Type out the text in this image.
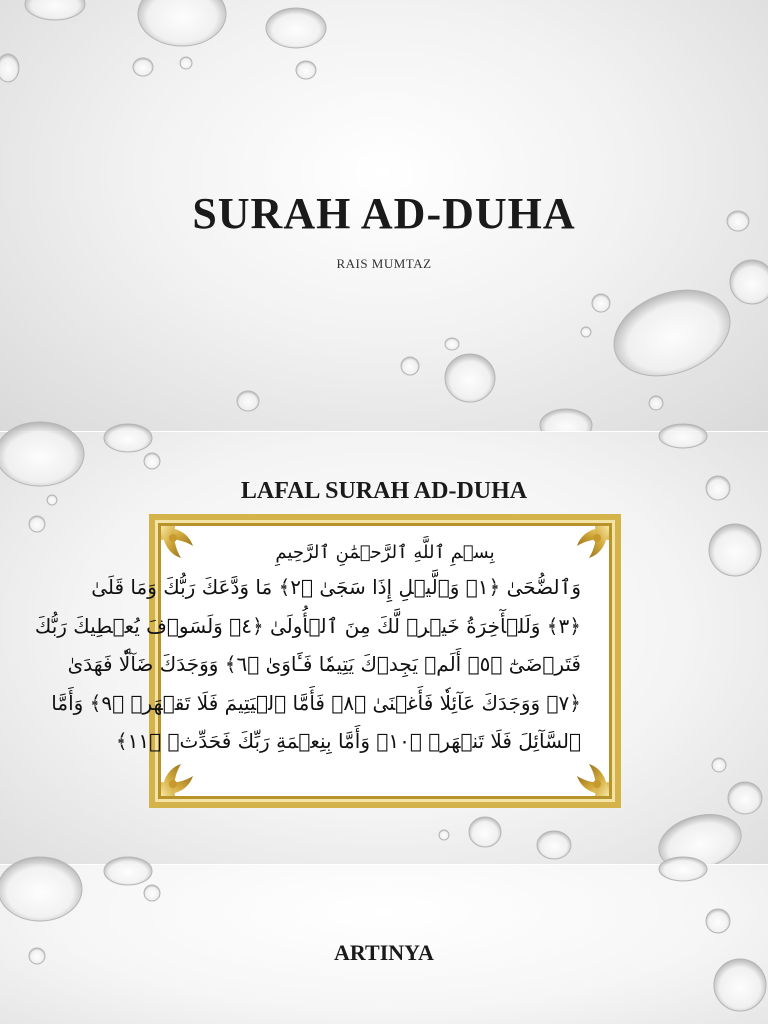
SURAH AD-DUHA
RAIS MUMTAZ
LAFAL SURAH AD-DUHA
بِسۡمِ ٱللَّهِ ٱلرَّحۡمَٰنِ ٱلرَّحِيمِ
وَٱلضُّحَىٰ ﴿١﴾ وَٱلَّيۡلِ إِذَا سَجَىٰ ﴿٢﴾ مَا وَدَّعَكَ رَبُّكَ وَمَا قَلَىٰ
﴿٣﴾ وَلَلۡأٓخِرَةُ خَيۡرٞ لَّكَ مِنَ ٱلۡأُولَىٰ ﴿٤﴾ وَلَسَوۡفَ يُعۡطِيكَ رَبُّكَ
فَتَرۡضَىٰٓ ﴿٥﴾ أَلَمۡ يَجِدۡكَ يَتِيمٗا فَـَٔاوَىٰ ﴿٦﴾ وَوَجَدَكَ ضَآلّٗا فَهَدَىٰ
﴿٧﴾ وَوَجَدَكَ عَآئِلٗا فَأَغۡنَىٰ ﴿٨﴾ فَأَمَّا ٱلۡيَتِيمَ فَلَا تَقۡهَرۡ ﴿٩﴾ وَأَمَّا
ٱلسَّآئِلَ فَلَا تَنۡهَرۡ ﴿١٠﴾ وَأَمَّا بِنِعۡمَةِ رَبِّكَ فَحَدِّثۡ ﴿١١﴾
ARTINYA
